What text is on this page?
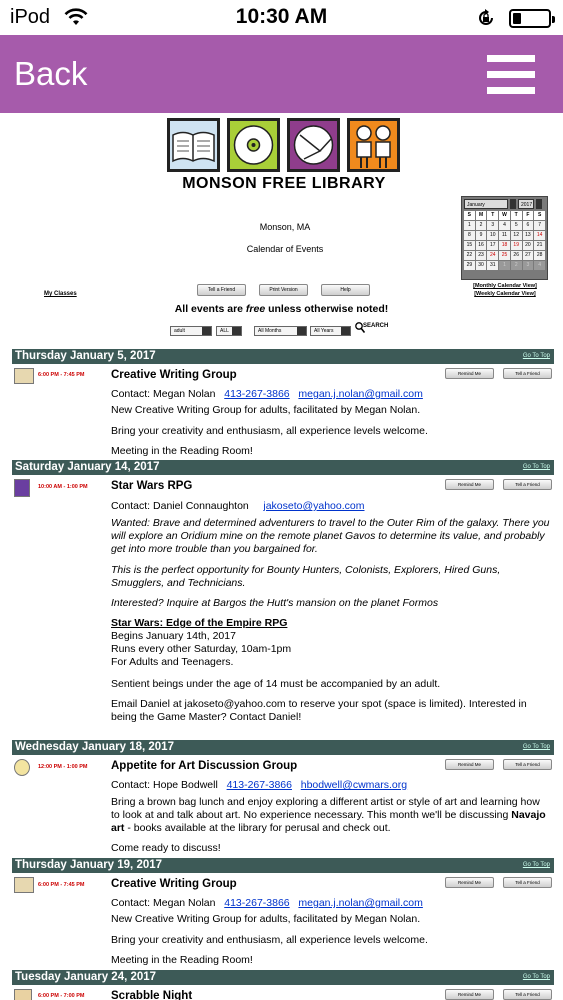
iPod	10:30 AM
Back
MONSON FREE LIBRARY
Monson, MA
Calendar of Events
January	2017
S	M	T	W	T	F	S
1	2	3	4	5	6	7
8	9	10	11	12	13	14
15	16	17	18	19	20	21
22	23	24	25	26	27	28
29	30	31	1	2	3	4
[Monthly Calendar View]
[Weekly Calendar View]
My Classes
Tell a Friend	Print Version	Help
All events are free unless otherwise noted!
adult	ALL	All Months	All Years
SEARCH
Thursday January 5, 2017	Go To Top
6:00 PM - 7:45 PM Creative Writing Group	Remind Me	Tell a Friend
Contact: Megan Nolan 413-267-3866 megan.j.nolan@gmail.com
New Creative Writing Group for adults, facilitated by Megan Nolan.
Bring your creativity and enthusiasm, all experience levels welcome.
Meeting in the Reading Room!
Saturday January 14, 2017	Go To Top
10:00 AM - 1:00 PM Star Wars RPG	Remind Me	Tell a Friend
Contact: Daniel Connaughton jakoseto@yahoo.com
Wanted: Brave and determined adventurers to travel to the Outer Rim of the galaxy. There you will explore an Oridium mine on the remote planet Gavos to determine its value, and probably get into more trouble than you bargained for.
This is the perfect opportunity for Bounty Hunters, Colonists, Explorers, Hired Guns, Smugglers, and Technicians.
Interested? Inquire at Bargos the Hutt's mansion on the planet Formos
Star Wars: Edge of the Empire RPG
Begins January 14th, 2017
Runs every other Saturday, 10am-1pm
For Adults and Teenagers.
Sentient beings under the age of 14 must be accompanied by an adult.
Email Daniel at jakoseto@yahoo.com to reserve your spot (space is limited). Interested in being the Game Master? Contact Daniel!
Wednesday January 18, 2017	Go To Top
12:00 PM - 1:00 PM Appetite for Art Discussion Group	Remind Me	Tell a Friend
Contact: Hope Bodwell 413-267-3866 hbodwell@cwmars.org
Bring a brown bag lunch and enjoy exploring a different artist or style of art and learning how to look at and talk about art. No experience necessary. This month we'll be discussing Navajo art - books available at the library for perusal and check out.
Come ready to discuss!
Thursday January 19, 2017	Go To Top
6:00 PM - 7:45 PM Creative Writing Group	Remind Me	Tell a Friend
Contact: Megan Nolan 413-267-3866 megan.j.nolan@gmail.com
New Creative Writing Group for adults, facilitated by Megan Nolan.
Bring your creativity and enthusiasm, all experience levels welcome.
Meeting in the Reading Room!
Tuesday January 24, 2017	Go To Top
6:00 PM - 7:00 PM Scrabble Night	Remind Me	Tell a Friend
